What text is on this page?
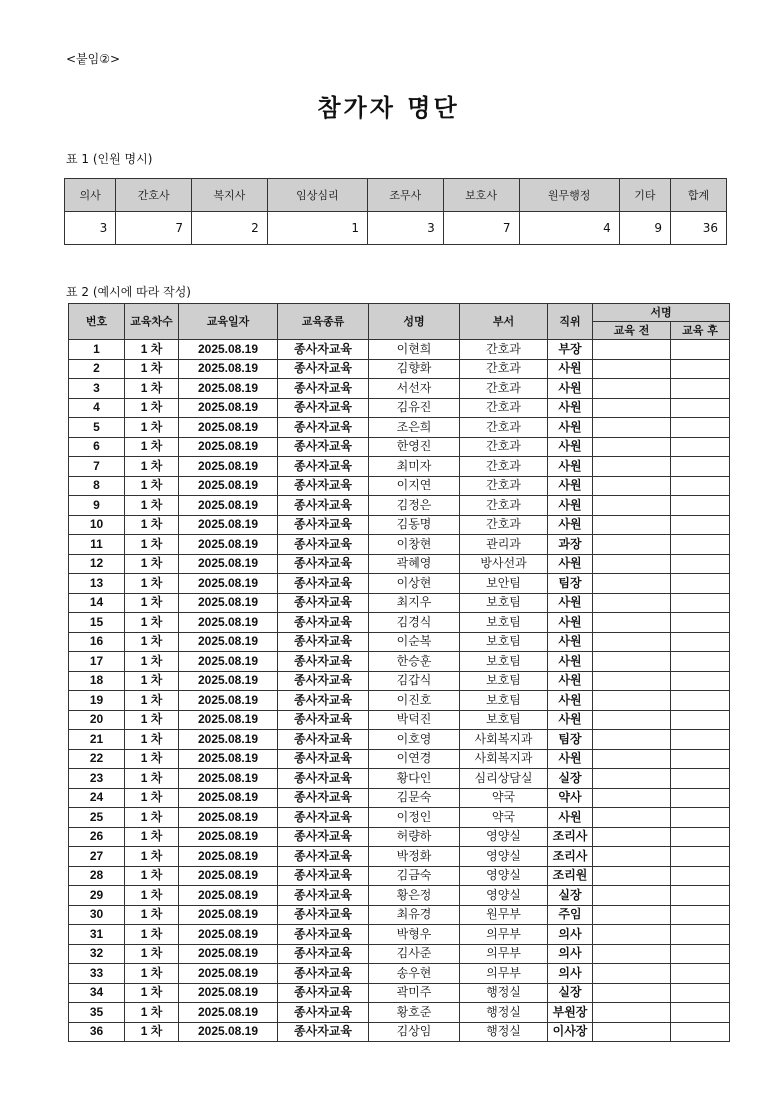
<붙임②>
참가자 명단
표 1 (인원 명시)
의사	간호사	복지사	임상심리	조무사	보호사	원무행정	기타	합계
3	7	2	1	3	7	4	9	36
표 2 (예시에 따라 작성)
번호	교육차수	교육일자	교육종류	성명	부서	직위	서명	
							교육 전	교육 후
1	1 차	2025.08.19	종사자교육	이현희	간호과	부장		
2	1 차	2025.08.19	종사자교육	김향화	간호과	사원		
3	1 차	2025.08.19	종사자교육	서선자	간호과	사원		
4	1 차	2025.08.19	종사자교육	김유진	간호과	사원		
5	1 차	2025.08.19	종사자교육	조은희	간호과	사원		
6	1 차	2025.08.19	종사자교육	한영진	간호과	사원		
7	1 차	2025.08.19	종사자교육	최미자	간호과	사원		
8	1 차	2025.08.19	종사자교육	이지연	간호과	사원		
9	1 차	2025.08.19	종사자교육	김정은	간호과	사원		
10	1 차	2025.08.19	종사자교육	김동명	간호과	사원		
11	1 차	2025.08.19	종사자교육	이창현	관리과	과장		
12	1 차	2025.08.19	종사자교육	곽혜영	방사선과	사원		
13	1 차	2025.08.19	종사자교육	이상현	보안팀	팀장		
14	1 차	2025.08.19	종사자교육	최지우	보호팀	사원		
15	1 차	2025.08.19	종사자교육	김경식	보호팀	사원		
16	1 차	2025.08.19	종사자교육	이순복	보호팀	사원		
17	1 차	2025.08.19	종사자교육	한승훈	보호팀	사원		
18	1 차	2025.08.19	종사자교육	김갑식	보호팀	사원		
19	1 차	2025.08.19	종사자교육	이진호	보호팀	사원		
20	1 차	2025.08.19	종사자교육	박덕진	보호팀	사원		
21	1 차	2025.08.19	종사자교육	이호영	사회복지과	팀장		
22	1 차	2025.08.19	종사자교육	이연경	사회복지과	사원		
23	1 차	2025.08.19	종사자교육	황다인	심리상담실	실장		
24	1 차	2025.08.19	종사자교육	김문숙	약국	약사		
25	1 차	2025.08.19	종사자교육	이정인	약국	사원		
26	1 차	2025.08.19	종사자교육	허량하	영양실	조리사		
27	1 차	2025.08.19	종사자교육	박정화	영양실	조리사		
28	1 차	2025.08.19	종사자교육	김금숙	영양실	조리원		
29	1 차	2025.08.19	종사자교육	황은정	영양실	실장		
30	1 차	2025.08.19	종사자교육	최유경	원무부	주임		
31	1 차	2025.08.19	종사자교육	박형우	의무부	의사		
32	1 차	2025.08.19	종사자교육	김사준	의무부	의사		
33	1 차	2025.08.19	종사자교육	송우현	의무부	의사		
34	1 차	2025.08.19	종사자교육	곽미주	행정실	실장		
35	1 차	2025.08.19	종사자교육	황호준	행정실	부원장		
36	1 차	2025.08.19	종사자교육	김상임	행정실	이사장		
